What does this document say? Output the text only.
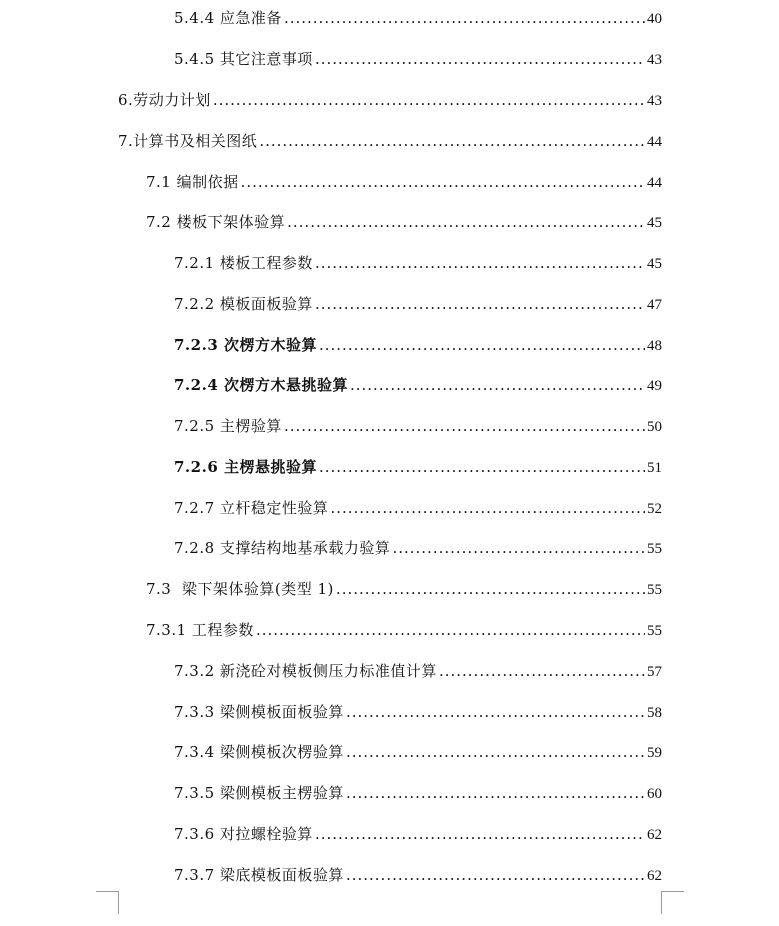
5.4.4 应急准备 .....	40
5.4.5 其它注意事项 .....	43
6.劳动力计划 .....	43
7.计算书及相关图纸 .....	44
7.1 编制依据 .....	44
7.2 楼板下架体验算 .....	45
7.2.1 楼板工程参数 .....	45
7.2.2 模板面板验算 .....	47
7.2.3 次楞方木验算 .....	48
7.2.4 次楞方木悬挑验算 .....	49
7.2.5 主楞验算 .....	50
7.2.6 主楞悬挑验算 .....	51
7.2.7 立杆稳定性验算 .....	52
7.2.8 支撑结构地基承载力验算 .....	55
7.3  梁下架体验算(类型 1) .....	55
7.3.1 工程参数 .....	55
7.3.2 新浇砼对模板侧压力标准值计算 .....	57
7.3.3 梁侧模板面板验算 .....	58
7.3.4 梁侧模板次楞验算 .....	59
7.3.5 梁侧模板主楞验算 .....	60
7.3.6 对拉螺栓验算 .....	62
7.3.7 梁底模板面板验算 .....	62
